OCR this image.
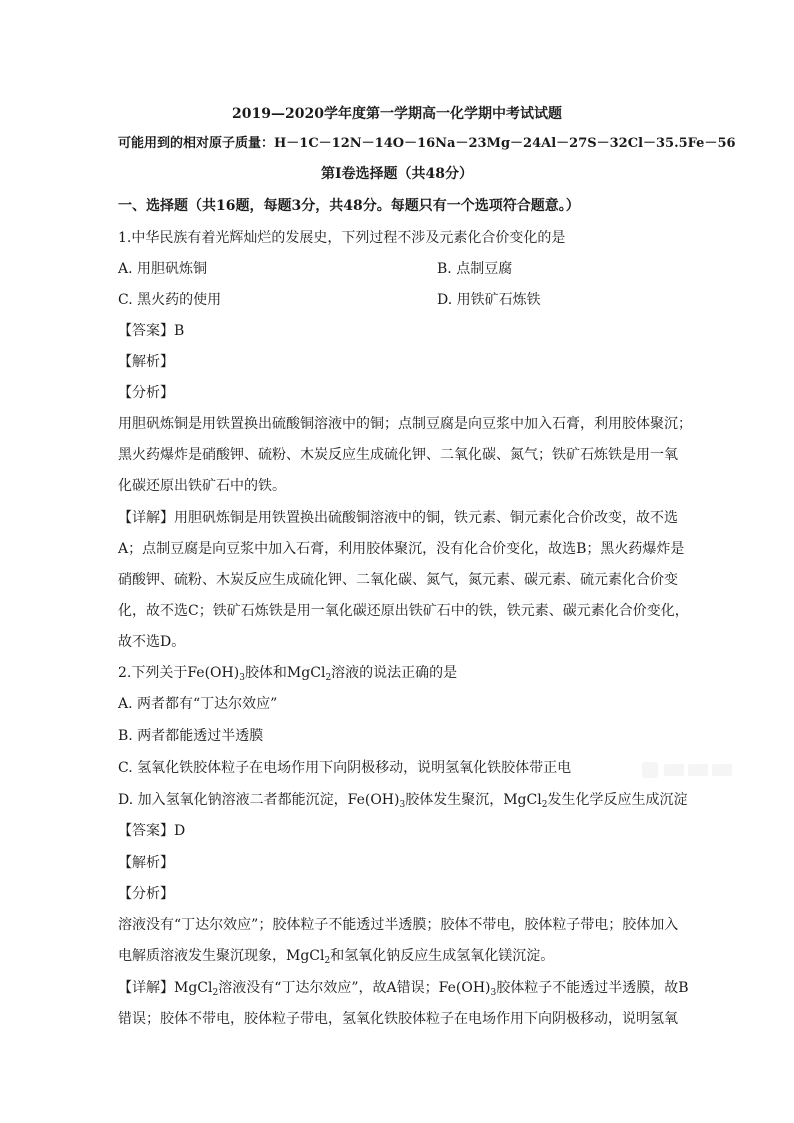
2019—2020学年度第一学期高一化学期中考试试题
可能用到的相对原子质量：H－1C－12N－14O－16Na－23Mg－24Al－27S－32Cl－35.5Fe－56
第Ⅰ卷选择题（共48分）
一、选择题（共16题，每题3分，共48分。每题只有一个选项符合题意。）
1.中华民族有着光辉灿烂的发展史，下列过程不涉及元素化合价变化的是
A. 用胆矾炼铜	B. 点制豆腐
C. 黑火药的使用	D. 用铁矿石炼铁
【答案】B
【解析】
【分析】
用胆矾炼铜是用铁置换出硫酸铜溶液中的铜；点制豆腐是向豆浆中加入石膏，利用胶体聚沉；
黑火药爆炸是硝酸钾、硫粉、木炭反应生成硫化钾、二氧化碳、氮气；铁矿石炼铁是用一氧
化碳还原出铁矿石中的铁。
【详解】用胆矾炼铜是用铁置换出硫酸铜溶液中的铜，铁元素、铜元素化合价改变，故不选
A；点制豆腐是向豆浆中加入石膏，利用胶体聚沉，没有化合价变化，故选B；黑火药爆炸是
硝酸钾、硫粉、木炭反应生成硫化钾、二氧化碳、氮气，氮元素、碳元素、硫元素化合价变
化，故不选C；铁矿石炼铁是用一氧化碳还原出铁矿石中的铁，铁元素、碳元素化合价变化，
故不选D。
2.下列关于$Fe(OH)_3$胶体和MgCl$_2$溶液的说法正确的是
A. 两者都有“丁达尔效应”
B. 两者都能透过半透膜
C. 氢氧化铁胶体粒子在电场作用下向阴极移动，说明氢氧化铁胶体带正电
D. 加入氢氧化钠溶液二者都能沉淀，$Fe(OH)_3$胶体发生聚沉，MgCl$_2$发生化学反应生成沉淀
【答案】D
【解析】
【分析】
溶液没有“丁达尔效应”；胶体粒子不能透过半透膜；胶体不带电，胶体粒子带电；胶体加入
电解质溶液发生聚沉现象，MgCl$_2$和氢氧化钠反应生成氢氧化镁沉淀。
【详解】MgCl$_2$溶液没有“丁达尔效应”，故A错误；$Fe(OH)_3$胶体粒子不能透过半透膜，故B
错误；胶体不带电，胶体粒子带电，氢氧化铁胶体粒子在电场作用下向阴极移动，说明氢氧
